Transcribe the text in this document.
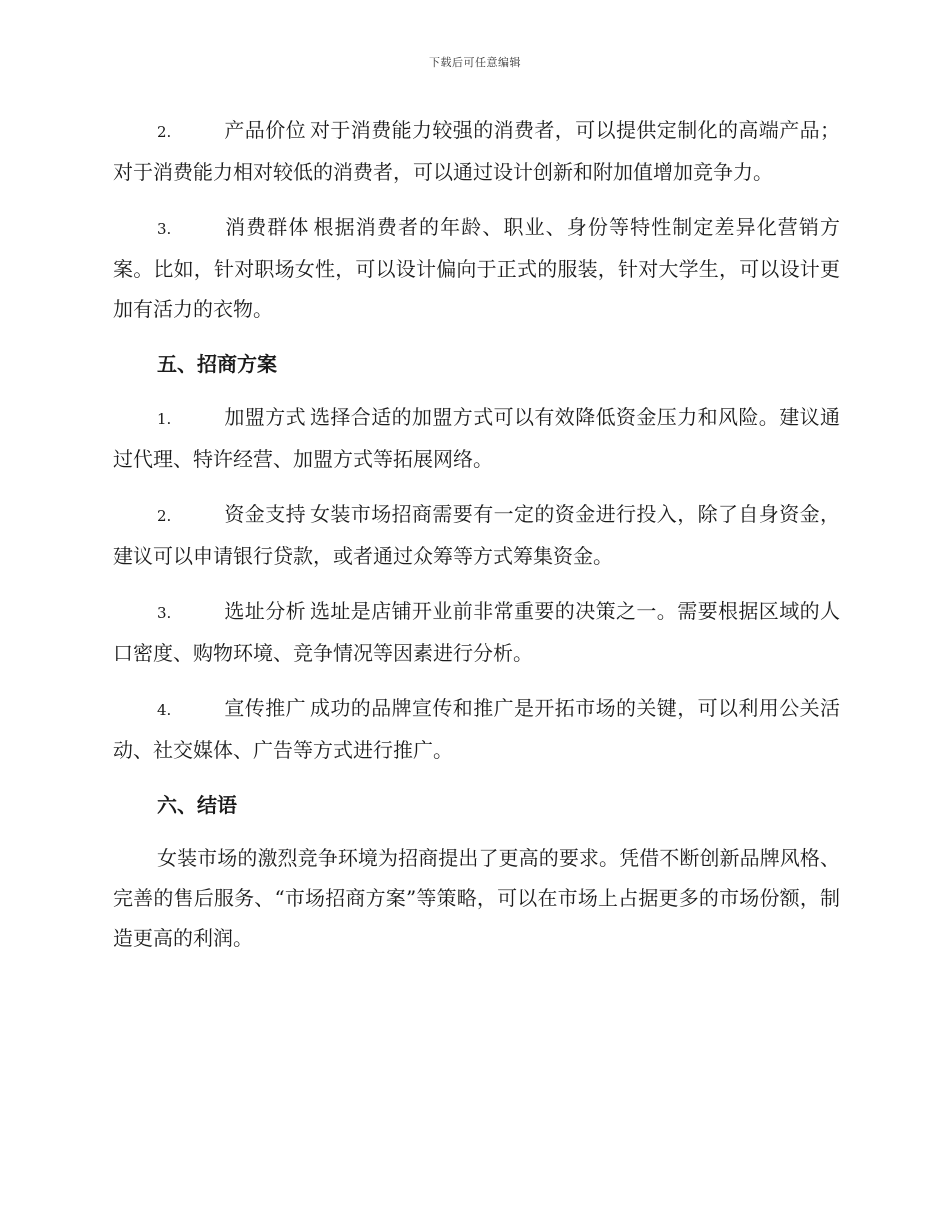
下载后可任意编辑

2.	产品价位 对于消费能力较强的消费者，可以提供定制化的高端产品；对于消费能力相对较低的消费者，可以通过设计创新和附加值增加竞争力。

3.	消费群体 根据消费者的年龄、职业、身份等特性制定差异化营销方案。比如，针对职场女性，可以设计偏向于正式的服装，针对大学生，可以设计更加有活力的衣物。

五、招商方案

1.	加盟方式 选择合适的加盟方式可以有效降低资金压力和风险。建议通过代理、特许经营、加盟方式等拓展网络。

2.	资金支持 女装市场招商需要有一定的资金进行投入，除了自身资金，建议可以申请银行贷款，或者通过众筹等方式筹集资金。

3.	选址分析 选址是店铺开业前非常重要的决策之一。需要根据区域的人口密度、购物环境、竞争情况等因素进行分析。

4.	宣传推广 成功的品牌宣传和推广是开拓市场的关键，可以利用公关活动、社交媒体、广告等方式进行推广。

六、结语

女装市场的激烈竞争环境为招商提出了更高的要求。凭借不断创新品牌风格、完善的售后服务、“市场招商方案”等策略，可以在市场上占据更多的市场份额，制造更高的利润。
